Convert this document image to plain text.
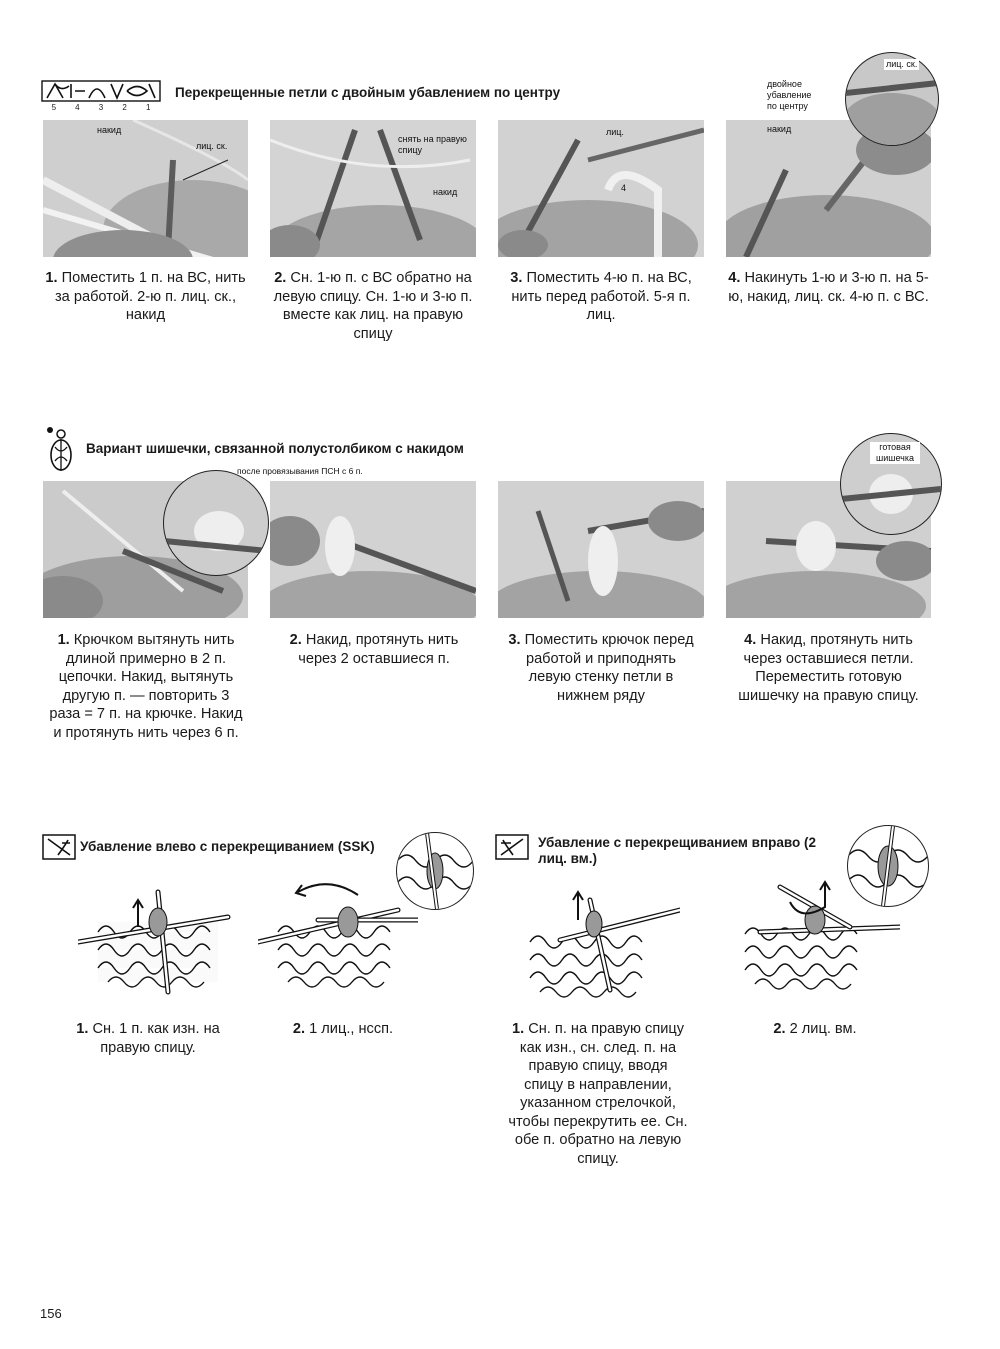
5 4 3 2 1
Перекрещенные петли с двойным убавлением по центру
накид
лиц. ск.
снять на правую спицу
накид
лиц.
4
лиц. ск.
двойное убавление по центру
накид
1. Поместить 1 п. на ВС, нить за работой. 2-ю п. лиц. ск., накид
2. Сн. 1-ю п. с ВС обратно на левую спицу. Сн. 1-ю и 3-ю п. вместе как лиц. на правую спицу
3. Поместить 4-ю п. на ВС, нить перед работой. 5-я п. лиц.
4. Накинуть 1-ю и 3-ю п. на 5-ю, накид, лиц. ск. 4-ю п. с ВС.
Вариант шишечки, связанной полустолбиком с накидом
после провязывания ПСН с 6 п.
готовая шишечка
1. Крючком вытянуть нить длиной примерно в 2 п. цепочки. Накид, вытянуть другую п. — повторить 3 раза = 7 п. на крючке. Накид и протянуть нить через 6 п.
2. Накид, протянуть нить через 2 оставшиеся п.
3. Поместить крючок перед работой и приподнять левую стенку петли в нижнем ряду
4. Накид, протянуть нить через оставшиеся петли. Переместить готовую шишечку на правую спицу.
Убавление влево с перекрещиванием (SSK)
1. Сн. 1 п. как изн. на правую спицу.
2. 1 лиц., нссп.
Убавление с перекрещиванием вправо (2 лиц. вм.)
1. Сн. п. на правую спицу как изн., сн. след. п. на правую спицу, вводя спицу в направлении, указанном стрелочкой, чтобы перекрутить ее. Сн. обе п. обратно на левую спицу.
2. 2 лиц. вм.
156
